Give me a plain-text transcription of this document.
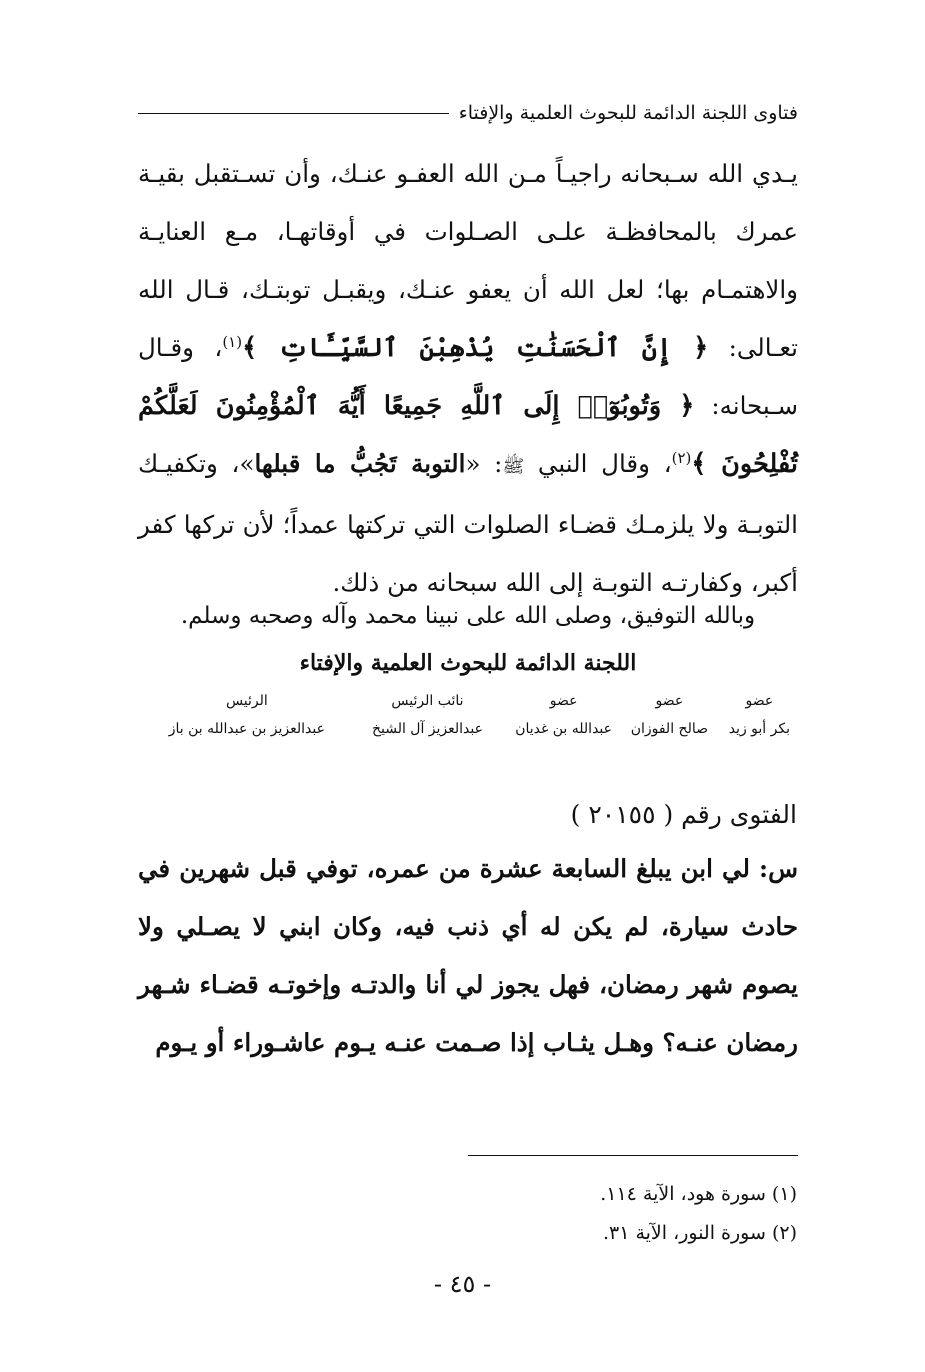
فتاوى اللجنة الدائمة للبحوث العلمية والإفتاء

يـدي الله سـبحانه راجيـاً مـن الله العفـو عنـك، وأن تسـتقبل بقيـة عمرك بالمحافظـة علـى الصـلوات في أوقاتهـا، مـع العنايـة والاهتمـام بها؛ لعل الله أن يعفو عنـك، ويقبـل توبتـك، قـال الله تعـالى: ﴿ إِنَّ ٱلْحَسَنَٰتِ يُذْهِبْنَ ٱلسَّيِّـَٔاتِ ﴾$^{(١)}$، وقـال سـبحانه: ﴿ وَتُوبُوٓا۟ إِلَى ٱللَّهِ جَمِيعًا أَيُّهَ ٱلْمُؤْمِنُونَ لَعَلَّكُمْ تُفْلِحُونَ ﴾$^{(٢)}$، وقال النبي ﷺ: «التوبة تَجُبُّ ما قبلها»، وتكفيـك التوبـة ولا يلزمـك قضـاء الصلوات التي تركتها عمداً؛ لأن تركها كفر أكبر، وكفارتـه التوبـة إلى الله سبحانه من ذلك.

وبالله التوفيق، وصلى الله على نبينا محمد وآله وصحبه وسلم.

اللجنة الدائمة للبحوث العلمية والإفتاء

عضو
بكر أبو زيد
عضو
صالح الفوزان
عضو
عبدالله بن غديان
نائب الرئيس
عبدالعزيز آل الشيخ
الرئيس
عبدالعزيز بن عبدالله بن باز

الفتوى رقم ( ٢٠١٥٥ )

س: لي ابن يبلغ السابعة عشرة من عمره، توفي قبل شهرين في حادث سيارة، لم يكن له أي ذنب فيه، وكان ابني لا يصـلي ولا يصوم شهر رمضان، فهل يجوز لي أنا والدتـه وإخوتـه قضـاء شـهر رمضان عنـه؟ وهـل يثـاب إذا صـمت عنـه يـوم عاشـوراء أو يـوم

(١) سورة هود، الآية ١١٤.

(٢) سورة النور، الآية ٣١.

- ٤٥ -
